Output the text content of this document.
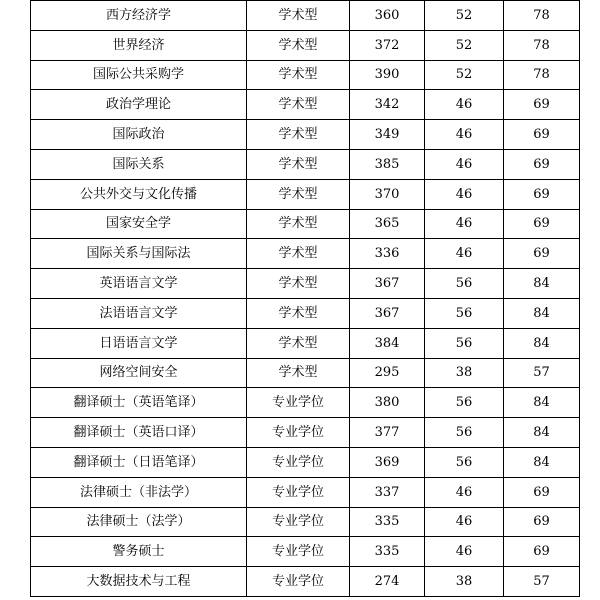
西方经济学	学术型	360	52	78
世界经济	学术型	372	52	78
国际公共采购学	学术型	390	52	78
政治学理论	学术型	342	46	69
国际政治	学术型	349	46	69
国际关系	学术型	385	46	69
公共外交与文化传播	学术型	370	46	69
国家安全学	学术型	365	46	69
国际关系与国际法	学术型	336	46	69
英语语言文学	学术型	367	56	84
法语语言文学	学术型	367	56	84
日语语言文学	学术型	384	56	84
网络空间安全	学术型	295	38	57
翻译硕士（英语笔译）	专业学位	380	56	84
翻译硕士（英语口译）	专业学位	377	56	84
翻译硕士（日语笔译）	专业学位	369	56	84
法律硕士（非法学）	专业学位	337	46	69
法律硕士（法学）	专业学位	335	46	69
警务硕士	专业学位	335	46	69
大数据技术与工程	专业学位	274	38	57
